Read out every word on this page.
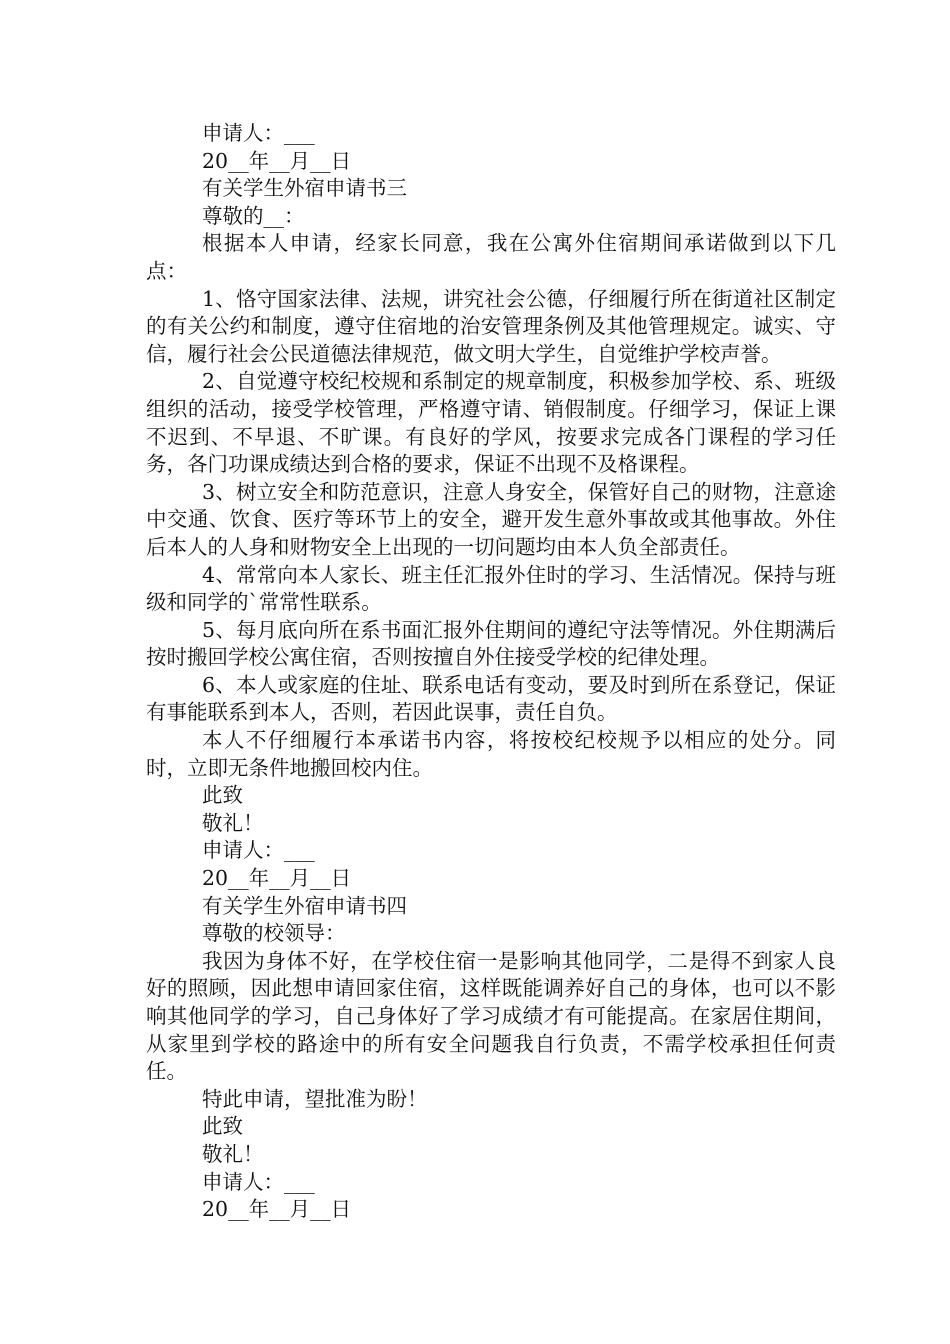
申请人：___
20__年__月__日
有关学生外宿申请书三
尊敬的__：

根据本人申请，经家长同意，我在公寓外住宿期间承诺做到以下几点：

1、恪守国家法律、法规，讲究社会公德，仔细履行所在街道社区制定的有关公约和制度，遵守住宿地的治安管理条例及其他管理规定。诚实、守信，履行社会公民道德法律规范，做文明大学生，自觉维护学校声誉。

2、自觉遵守校纪校规和系制定的规章制度，积极参加学校、系、班级组织的活动，接受学校管理，严格遵守请、销假制度。仔细学习，保证上课不迟到、不早退、不旷课。有良好的学风，按要求完成各门课程的学习任务，各门功课成绩达到合格的要求，保证不出现不及格课程。

3、树立安全和防范意识，注意人身安全，保管好自己的财物，注意途中交通、饮食、医疗等环节上的安全，避开发生意外事故或其他事故。外住后本人的人身和财物安全上出现的一切问题均由本人负全部责任。

4、常常向本人家长、班主任汇报外住时的学习、生活情况。保持与班级和同学的`常常性联系。

5、每月底向所在系书面汇报外住期间的遵纪守法等情况。外住期满后按时搬回学校公寓住宿，否则按擅自外住接受学校的纪律处理。

6、本人或家庭的住址、联系电话有变动，要及时到所在系登记，保证有事能联系到本人，否则，若因此误事，责任自负。

本人不仔细履行本承诺书内容，将按校纪校规予以相应的处分。同时，立即无条件地搬回校内住。

此致
敬礼！
申请人：___
20__年__月__日
有关学生外宿申请书四
尊敬的校领导：

我因为身体不好，在学校住宿一是影响其他同学，二是得不到家人良好的照顾，因此想申请回家住宿，这样既能调养好自己的身体，也可以不影响其他同学的学习，自己身体好了学习成绩才有可能提高。在家居住期间，从家里到学校的路途中的所有安全问题我自行负责，不需学校承担任何责任。

特此申请，望批准为盼！

此致
敬礼！
申请人：___
20__年__月__日
